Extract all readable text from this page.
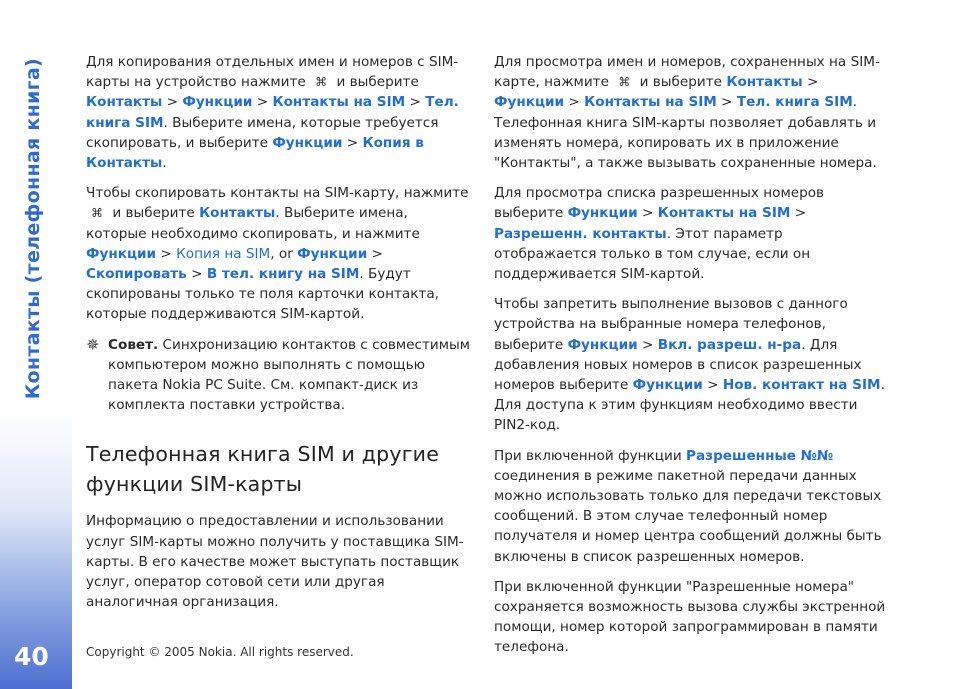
Контакты (телефонная книга)
40

Для копирования отдельных имен и номеров с SIM-карты на устройство нажмите ⌘ и выберите Контакты > Функции > Контакты на SIM > Тел. книга SIM. Выберите имена, которые требуется скопировать, и выберите Функции > Копия в Контакты.

Чтобы скопировать контакты на SIM-карту, нажмите ⌘ и выберите Контакты. Выберите имена, которые необходимо скопировать, и нажмите Функции > Копия на SIM, or Функции > Скопировать > В тел. книгу на SIM. Будут скопированы только те поля карточки контакта, которые поддерживаются SIM-картой.

✵ Совет. Синхронизацию контактов с совместимым компьютером можно выполнять с помощью пакета Nokia PC Suite. См. компакт-диск из комплекта поставки устройства.
Телефонная книга SIM и другие функции SIM-карты

Информацию о предоставлении и использовании услуг SIM-карты можно получить у поставщика SIM-карты. В его качестве может выступать поставщик услуг, оператор сотовой сети или другая аналогичная организация.

Для просмотра имен и номеров, сохраненных на SIM-карте, нажмите ⌘ и выберите Контакты > Функции > Контакты на SIM > Тел. книга SIM. Телефонная книга SIM-карты позволяет добавлять и изменять номера, копировать их в приложение "Контакты", а также вызывать сохраненные номера.

Для просмотра списка разрешенных номеров выберите Функции > Контакты на SIM > Разрешенн. контакты. Этот параметр отображается только в том случае, если он поддерживается SIM-картой.

Чтобы запретить выполнение вызовов с данного устройства на выбранные номера телефонов, выберите Функции > Вкл. разреш. н-ра. Для добавления новых номеров в список разрешенных номеров выберите Функции > Нов. контакт на SIM. Для доступа к этим функциям необходимо ввести PIN2-код.

При включенной функции Разрешенные №№ соединения в режиме пакетной передачи данных можно использовать только для передачи текстовых сообщений. В этом случае телефонный номер получателя и номер центра сообщений должны быть включены в список разрешенных номеров.

При включенной функции "Разрешенные номера" сохраняется возможность вызова службы экстренной помощи, номер которой запрограммирован в памяти телефона.

Copyright © 2005 Nokia. All rights reserved.
